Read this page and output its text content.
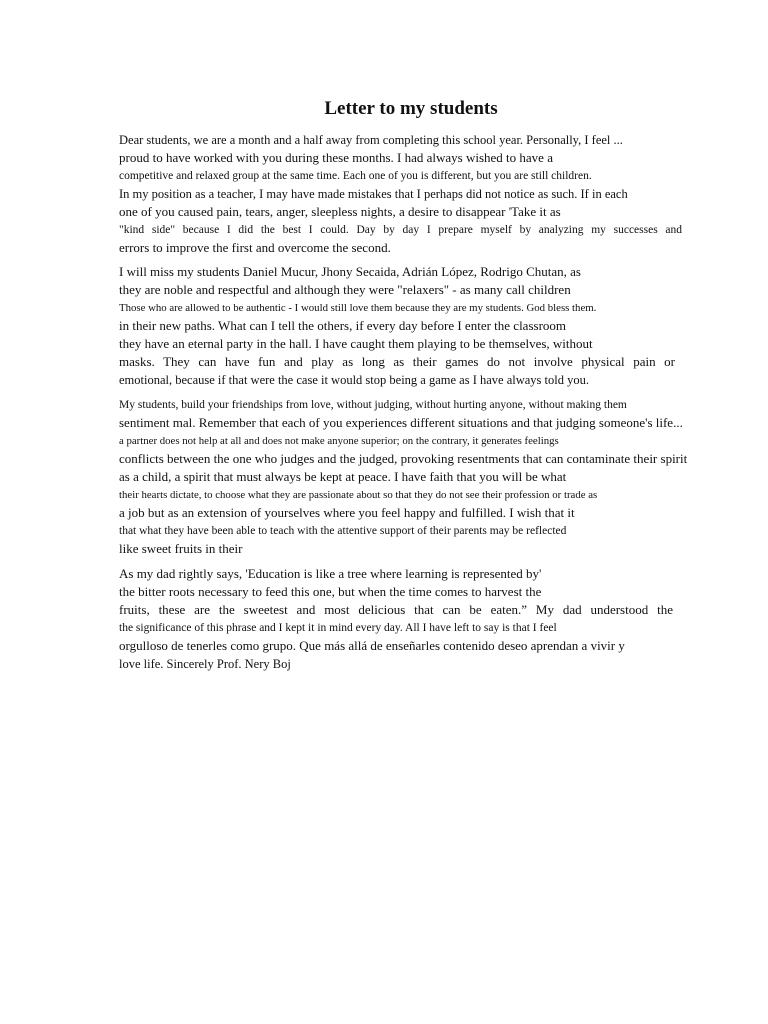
Letter to my students
Dear students, we are a month and a half away from completing this school year. Personally, I feel ...
proud to have worked with you during these months. I had always wished to have a
competitive and relaxed group at the same time. Each one of you is different, but you are still children.
In my position as a teacher, I may have made mistakes that I perhaps did not notice as such. If in each
one of you caused pain, tears, anger, sleepless nights, a desire to disappear 'Take it as
"kind side" because I did the best I could. Day by day I prepare myself by analyzing my successes and
errors to improve the first and overcome the second.
I will miss my students Daniel Mucur, Jhony Secaida, Adrián López, Rodrigo Chutan, as
they are noble and respectful and although they were "relaxers" - as many call children
Those who are allowed to be authentic - I would still love them because they are my students. God bless them.
in their new paths. What can I tell the others, if every day before I enter the classroom
they have an eternal party in the hall. I have caught them playing to be themselves, without
masks. They can have fun and play as long as their games do not involve physical pain or
emotional, because if that were the case it would stop being a game as I have always told you.
My students, build your friendships from love, without judging, without hurting anyone, without making them
sentiment mal. Remember that each of you experiences different situations and that judging someone's life...
a partner does not help at all and does not make anyone superior; on the contrary, it generates feelings
conflicts between the one who judges and the judged, provoking resentments that can contaminate their spirit
as a child, a spirit that must always be kept at peace. I have faith that you will be what
their hearts dictate, to choose what they are passionate about so that they do not see their profession or trade as
a job but as an extension of yourselves where you feel happy and fulfilled. I wish that it
that what they have been able to teach with the attentive support of their parents may be reflected
like sweet fruits in their
As my dad rightly says, 'Education is like a tree where learning is represented by'
the bitter roots necessary to feed this one, but when the time comes to harvest the
fruits, these are the sweetest and most delicious that can be eaten.” My dad understood the
the significance of this phrase and I kept it in mind every day. All I have left to say is that I feel
orgulloso de tenerles como grupo. Que más allá de enseñarles contenido deseo aprendan a vivir y
love life. Sincerely Prof. Nery Boj
